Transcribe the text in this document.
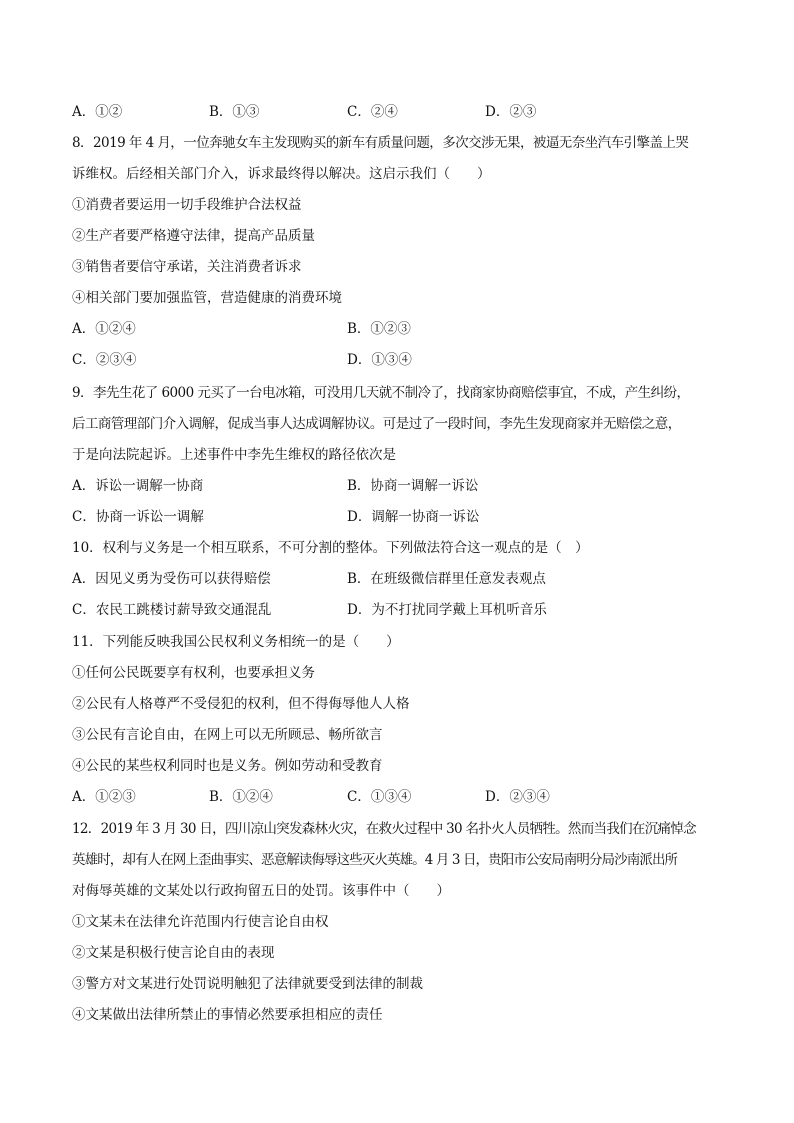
A．①②	B．①③	C．②④	D．②③
8．2019 年 4 月，一位奔驰女车主发现购买的新车有质量问题，多次交涉无果，被逼无奈坐汽车引擎盖上哭
诉维权。后经相关部门介入，诉求最终得以解决。这启示我们（　　）
①消费者要运用一切手段维护合法权益
②生产者要严格遵守法律，提高产品质量
③销售者要信守承诺，关注消费者诉求
④相关部门要加强监管，营造健康的消费环境
A．①②④	B．①②③
C．②③④	D．①③④
9．李先生花了 6000 元买了一台电冰箱，可没用几天就不制冷了，找商家协商赔偿事宜，不成，产生纠纷，
后工商管理部门介入调解，促成当事人达成调解协议。可是过了一段时间，李先生发现商家并无赔偿之意，
于是向法院起诉。上述事件中李先生维权的路径依次是
A．诉讼一调解一协商	B．协商一调解一诉讼
C．协商一诉讼一调解	D．调解一协商一诉讼
10．权利与义务是一个相互联系，不可分割的整体。下列做法符合这一观点的是（　）
A．因见义勇为受伤可以获得赔偿	B．在班级微信群里任意发表观点
C．农民工跳楼讨薪导致交通混乱	D．为不打扰同学戴上耳机听音乐
11．下列能反映我国公民权利义务相统一的是（　　）
①任何公民既要享有权利，也要承担义务
②公民有人格尊严不受侵犯的权利，但不得侮辱他人人格
③公民有言论自由，在网上可以无所顾忌、畅所欲言
④公民的某些权利同时也是义务。例如劳动和受教育
A．①②③	B．①②④	C．①③④	D．②③④
12．2019 年 3 月 30 日，四川凉山突发森林火灾，在救火过程中 30 名扑火人员牺牲。然而当我们在沉痛悼念
英雄时，却有人在网上歪曲事实、恶意解读侮辱这些灭火英雄。4 月 3 日，贵阳市公安局南明分局沙南派出所
对侮辱英雄的文某处以行政拘留五日的处罚。该事件中（　　）
①文某未在法律允许范围内行使言论自由权
②文某是积极行使言论自由的表现
③警方对文某进行处罚说明触犯了法律就要受到法律的制裁
④文某做出法律所禁止的事情必然要承担相应的责任
